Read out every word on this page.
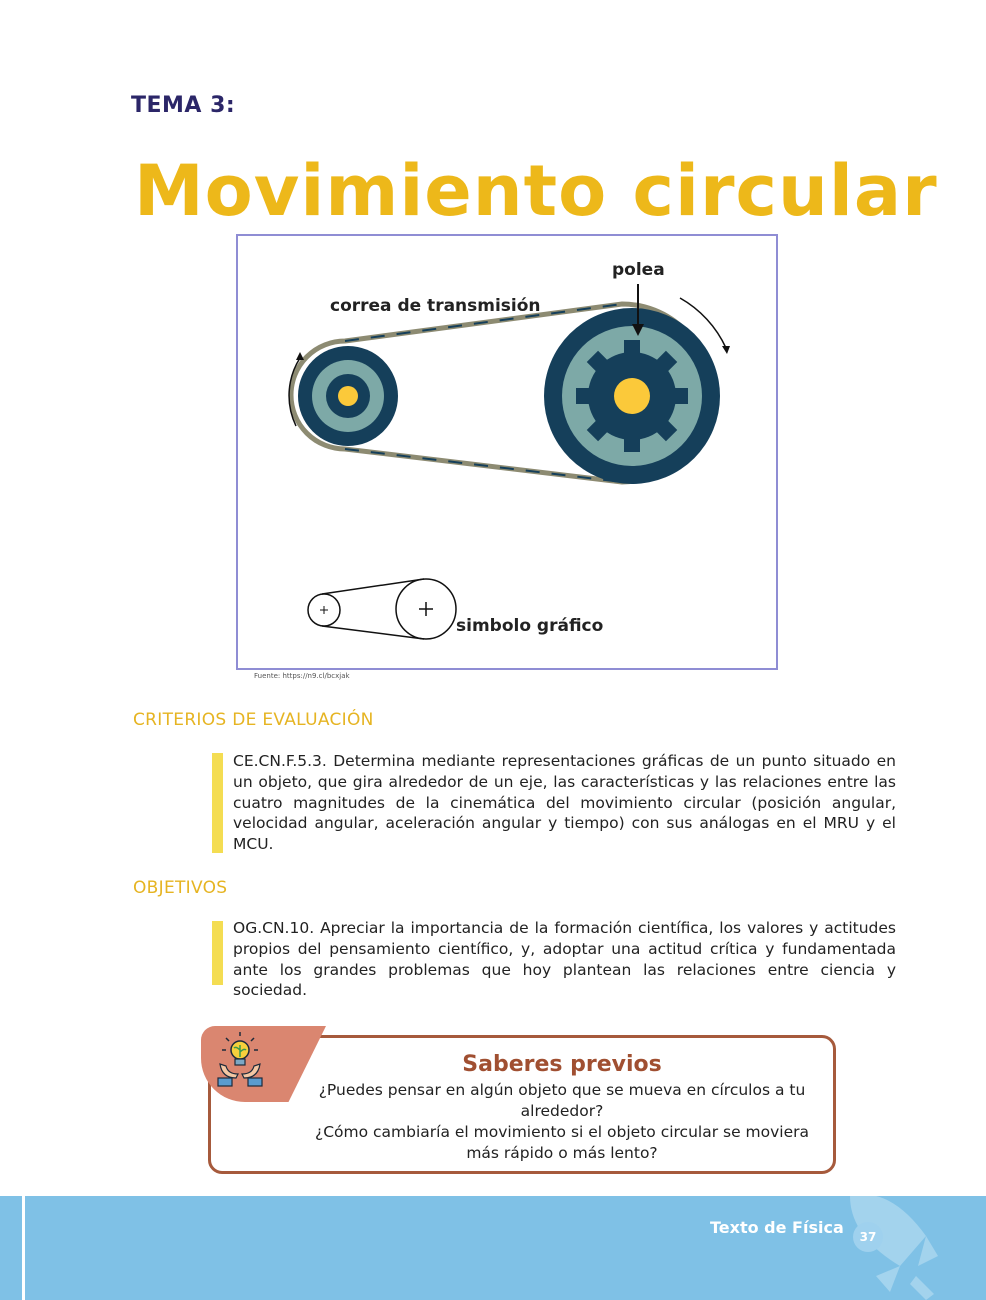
TEMA 3:
Movimiento circular
polea
correa de transmisión
simbolo gráfico
Fuente: https://n9.cl/bcxjak
CRITERIOS DE EVALUACIÓN
CE.CN.F.5.3. Determina mediante representaciones gráficas de un punto situado en un objeto, que gira alrededor de un eje, las características y las relaciones entre las cuatro magnitudes de la cinemática del movimiento circular (posición angular, velocidad angular, aceleración angular y tiempo) con sus análogas en el MRU y el MCU.
OBJETIVOS
OG.CN.10. Apreciar la importancia de la formación científica, los valores y actitudes propios del pensamiento científico, y, adoptar una actitud crítica y fundamentada ante los grandes problemas que hoy plantean las relaciones entre ciencia y sociedad.
Saberes previos
¿Puedes pensar en algún objeto que se mueva en círculos a tu alrededor?
¿Cómo cambiaría el movimiento si el objeto circular se moviera más rápido o más lento?
Texto de Física	37
